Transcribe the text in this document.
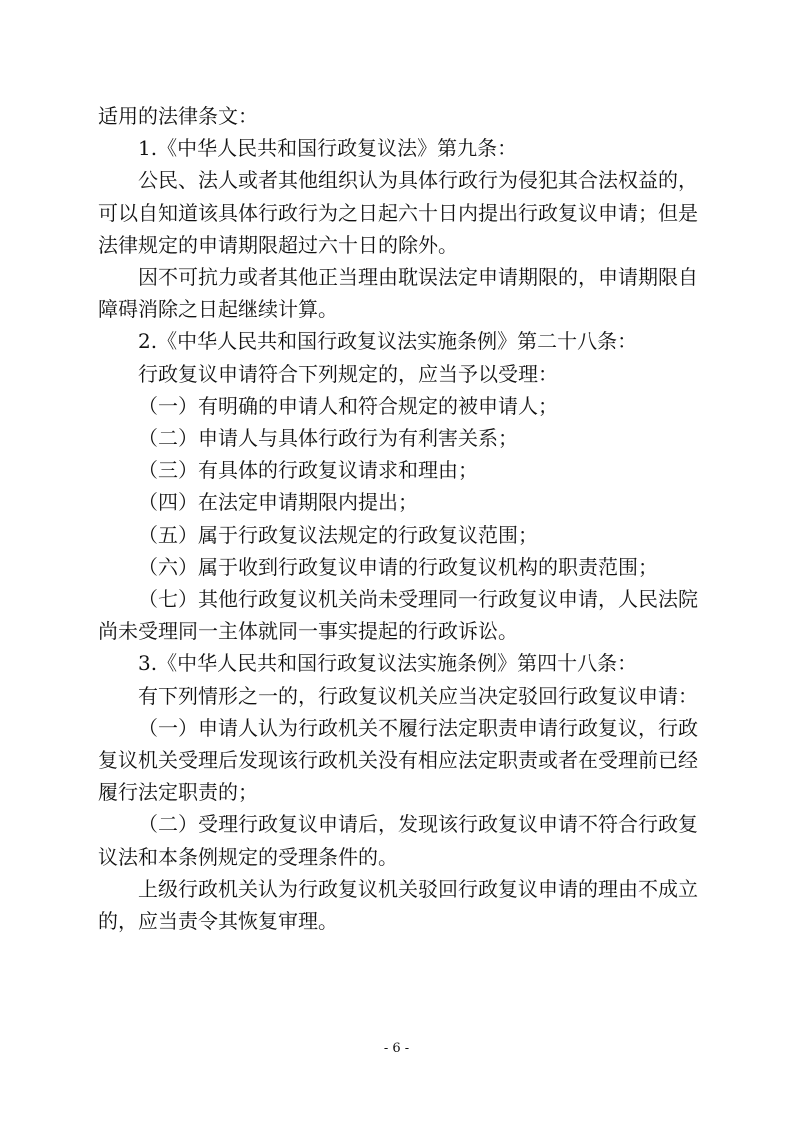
适用的法律条文：

1.《中华人民共和国行政复议法》第九条：

公民、法人或者其他组织认为具体行政行为侵犯其合法权益的，可以自知道该具体行政行为之日起六十日内提出行政复议申请；但是法律规定的申请期限超过六十日的除外。

因不可抗力或者其他正当理由耽误法定申请期限的，申请期限自障碍消除之日起继续计算。

2.《中华人民共和国行政复议法实施条例》第二十八条：

行政复议申请符合下列规定的，应当予以受理：

（一）有明确的申请人和符合规定的被申请人；

（二）申请人与具体行政行为有利害关系；

（三）有具体的行政复议请求和理由；

（四）在法定申请期限内提出；

（五）属于行政复议法规定的行政复议范围；

（六）属于收到行政复议申请的行政复议机构的职责范围；

（七）其他行政复议机关尚未受理同一行政复议申请，人民法院尚未受理同一主体就同一事实提起的行政诉讼。

3.《中华人民共和国行政复议法实施条例》第四十八条：

有下列情形之一的，行政复议机关应当决定驳回行政复议申请：

（一）申请人认为行政机关不履行法定职责申请行政复议，行政复议机关受理后发现该行政机关没有相应法定职责或者在受理前已经履行法定职责的；

（二）受理行政复议申请后，发现该行政复议申请不符合行政复议法和本条例规定的受理条件的。

上级行政机关认为行政复议机关驳回行政复议申请的理由不成立的，应当责令其恢复审理。

- 6 -
